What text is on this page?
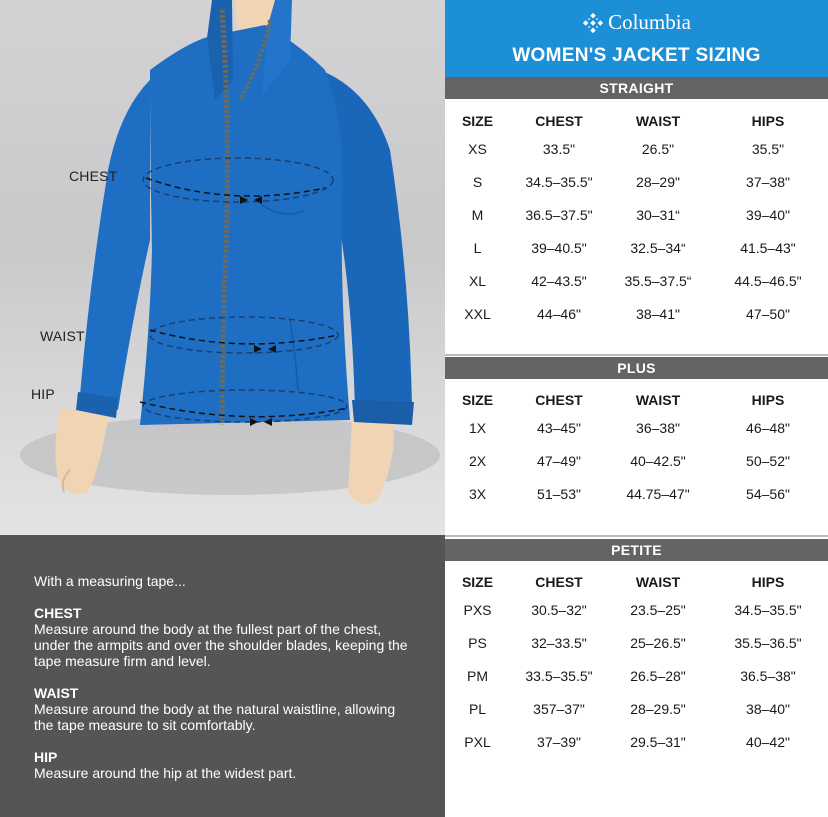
CHEST
WAIST
HIP

With a measuring tape...

CHEST

Measure around the body at the fullest part of the chest, under the armpits and over the shoulder blades, keeping the tape measure firm and level.

WAIST

Measure around the body at the natural waistline, allowing the tape measure to sit comfortably.

HIP

Measure around the hip at the widest part.

Columbia
WOMEN'S JACKET SIZING
STRAIGHT
SIZE	CHEST	WAIST	HIPS
XS	33.5"	26.5"	35.5"
S	34.5–35.5"	28–29"	37–38"
M	36.5–37.5"	30–31“	39–40"
L	39–40.5"	32.5–34“	41.5–43"
XL	42–43.5"	35.5–37.5“	44.5–46.5"
XXL	44–46"	38–41"	47–50"
PLUS
SIZE	CHEST	WAIST	HIPS
1X	43–45"	36–38"	46–48"
2X	47–49"	40–42.5"	50–52"
3X	51–53"	44.75–47"	54–56"
PETITE
SIZE	CHEST	WAIST	HIPS
PXS	30.5–32"	23.5–25"	34.5–35.5"
PS	32–33.5"	25–26.5"	35.5–36.5"
PM	33.5–35.5"	26.5–28"	36.5–38"
PL	357–37"	28–29.5"	38–40"
PXL	37–39"	29.5–31"	40–42"
